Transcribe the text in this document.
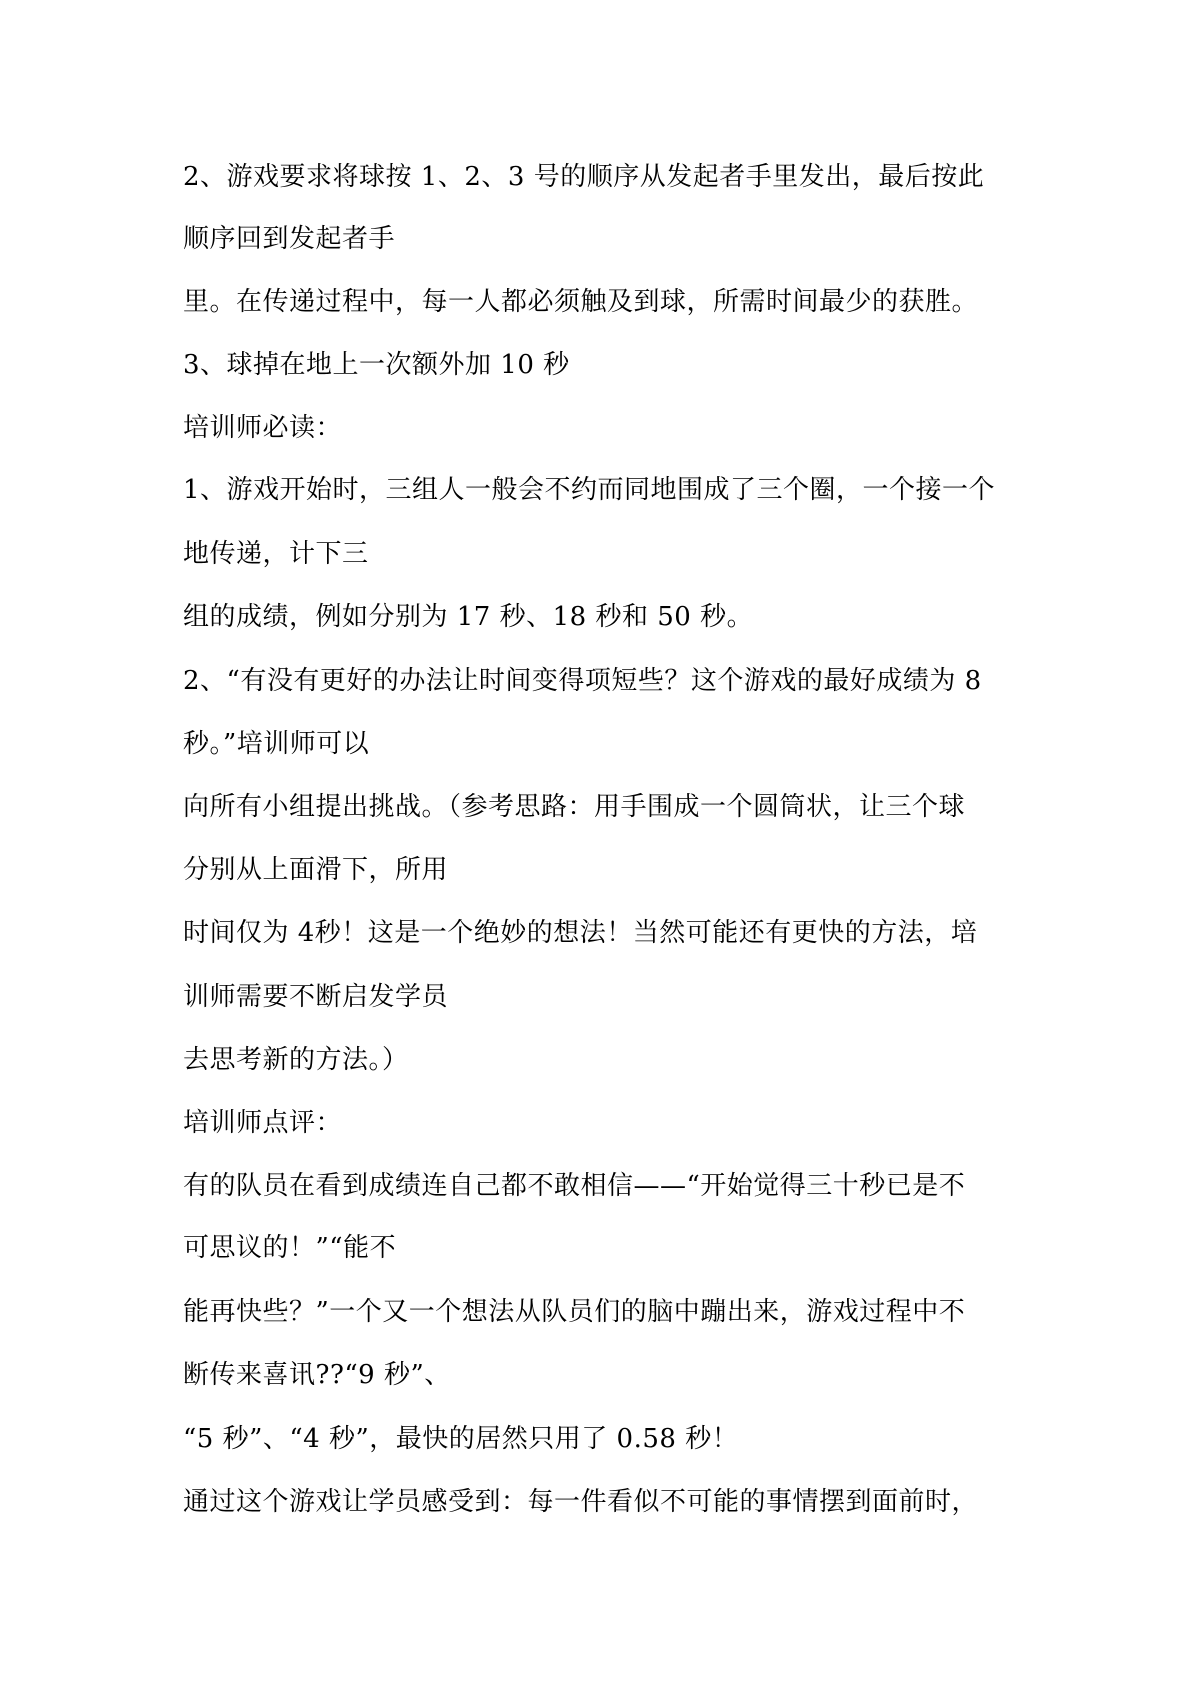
2、游戏要求将球按 1、2、3 号的顺序从发起者手里发出，最后按此
顺序回到发起者手
里。在传递过程中，每一人都必须触及到球，所需时间最少的获胜。
3、球掉在地上一次额外加 10 秒
培训师必读：
1、游戏开始时，三组人一般会不约而同地围成了三个圈，一个接一个
地传递，计下三
组的成绩，例如分别为 17 秒、18 秒和 50 秒。
2、“有没有更好的办法让时间变得项短些？这个游戏的最好成绩为 8
秒。”培训师可以
向所有小组提出挑战。（参考思路：用手围成一个圆筒状，让三个球
分别从上面滑下，所用
时间仅为 4秒！这是一个绝妙的想法！当然可能还有更快的方法，培
训师需要不断启发学员
去思考新的方法。）
培训师点评：
有的队员在看到成绩连自己都不敢相信——“开始觉得三十秒已是不
可思议的！”“能不
能再快些？”一个又一个想法从队员们的脑中蹦出来，游戏过程中不
断传来喜讯??“9 秒”、
“5 秒”、“4 秒”，最快的居然只用了 0.58 秒！
通过这个游戏让学员感受到：每一件看似不可能的事情摆到面前时，
